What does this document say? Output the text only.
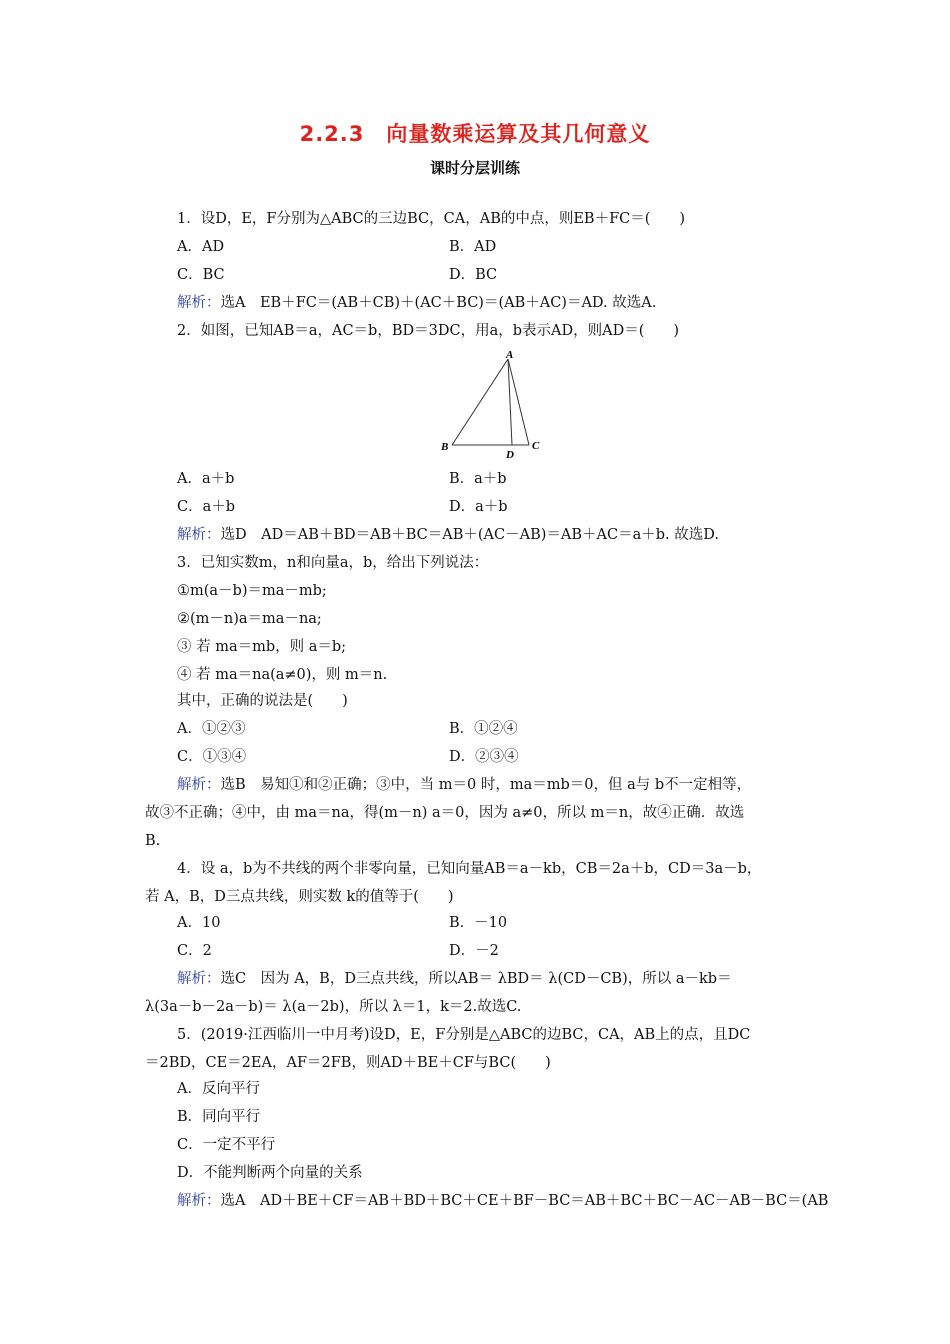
2.2.3　向量数乘运算及其几何意义
课时分层训练
1．设D，E，F分别为△ABC的三边BC，CA，AB的中点，则EB＋FC＝(　　)
A．AD	B．AD
C．BC	D．BC
解析：选A　EB＋FC＝(AB＋CB)＋(AC＋BC)＝(AB＋AC)＝AD. 故选A.
2．如图，已知AB＝a，AC＝b，BD＝3DC，用a，b表示AD，则AD＝(　　)
A
B	C
D
A．a＋b	B．a＋b
C．a＋b	D．a＋b
解析：选D　AD＝AB＋BD＝AB＋BC＝AB＋(AC－AB)＝AB＋AC＝a＋b. 故选D.
3．已知实数m，n和向量a，b，给出下列说法：
①m(a－b)＝ma－mb;
②(m－n)a＝ma－na;
③ 若 ma＝mb，则 a＝b;
④ 若 ma＝na(a≠0)，则 m＝n.
其中，正确的说法是(　　)
A．①②③	B．①②④
C．①③④	D．②③④
解析：选B　易知①和②正确；③中，当 m＝0 时，ma＝mb＝0，但 a与 b不一定相等，
故③不正确；④中，由 ma＝na，得(m－n) a＝0，因为 a≠0，所以 m＝n，故④正确．故选
B.
4．设 a，b为不共线的两个非零向量，已知向量AB＝a－kb，CB＝2a＋b，CD＝3a－b，
若 A，B，D三点共线，则实数 k的值等于(　　)
A．10	B．－10
C．2	D．－2
解析：选C　因为 A，B，D三点共线，所以AB＝ λBD＝ λ(CD－CB)，所以 a－kb＝
λ(3a－b－2a－b)＝ λ(a－2b)，所以 λ＝1，k＝2.故选C.
5．(2019·江西临川一中月考)设D，E，F分别是△ABC的边BC，CA，AB上的点，且DC
＝2BD，CE＝2EA，AF＝2FB，则AD＋BE＋CF与BC(　　)
A．反向平行
B．同向平行
C．一定不平行
D．不能判断两个向量的关系
解析：选A　AD＋BE＋CF＝AB＋BD＋BC＋CE＋BF－BC＝AB＋BC＋BC－AC－AB－BC＝(AB
